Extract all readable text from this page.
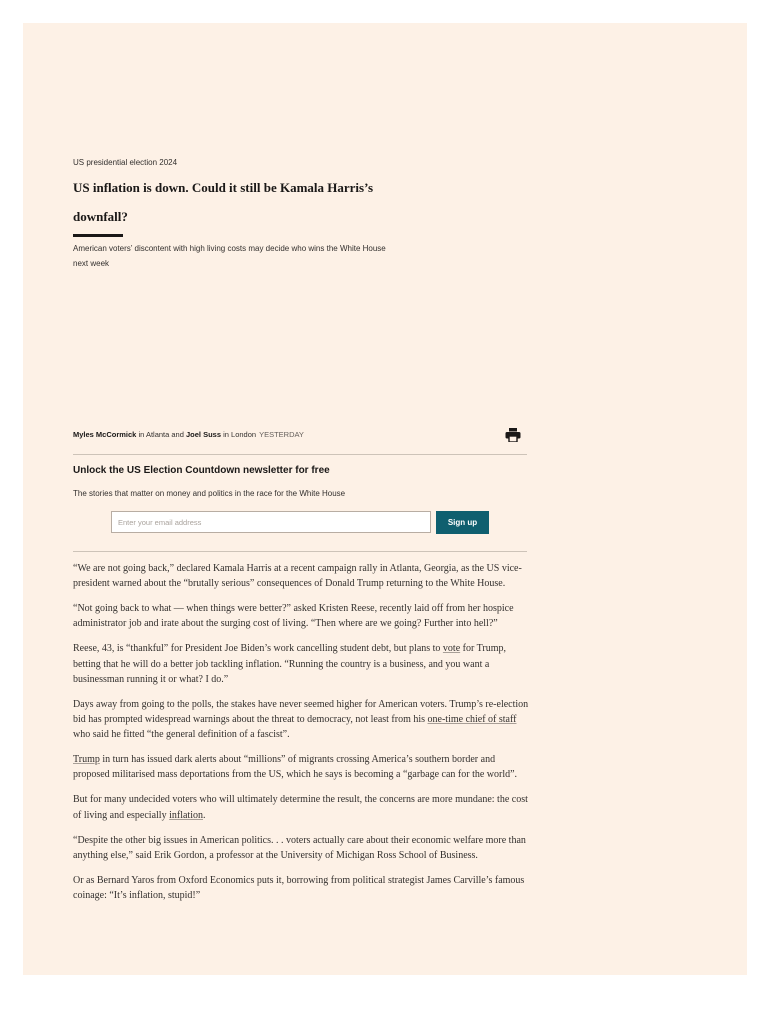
US presidential election 2024
US inflation is down. Could it still be Kamala Harris’s downfall?
American voters’ discontent with high living costs may decide who wins the White House next week
Myles McCormick in Atlanta and Joel Suss in London YESTERDAY
Unlock the US Election Countdown newsletter for free
The stories that matter on money and politics in the race for the White House
Enter your email address
Sign up

“We are not going back,” declared Kamala Harris at a recent campaign rally in Atlanta, Georgia, as the US vice-president warned about the “brutally serious” consequences of Donald Trump returning to the White House.

“Not going back to what — when things were better?” asked Kristen Reese, recently laid off from her hospice administrator job and irate about the surging cost of living. “Then where are we going? Further into hell?”

Reese, 43, is “thankful” for President Joe Biden’s work cancelling student debt, but plans to vote for Trump, betting that he will do a better job tackling inflation. “Running the country is a business, and you want a businessman running it or what? I do.”

Days away from going to the polls, the stakes have never seemed higher for American voters. Trump’s re-election bid has prompted widespread warnings about the threat to democracy, not least from his one-time chief of staff who said he fitted “the general definition of a fascist”.

Trump in turn has issued dark alerts about “millions” of migrants crossing America’s southern border and proposed militarised mass deportations from the US, which he says is becoming a “garbage can for the world”.

But for many undecided voters who will ultimately determine the result, the concerns are more mundane: the cost of living and especially inflation.

“Despite the other big issues in American politics. . . voters actually care about their economic welfare more than anything else,” said Erik Gordon, a professor at the University of Michigan Ross School of Business.

Or as Bernard Yaros from Oxford Economics puts it, borrowing from political strategist James Carville’s famous coinage: “It’s inflation, stupid!”
